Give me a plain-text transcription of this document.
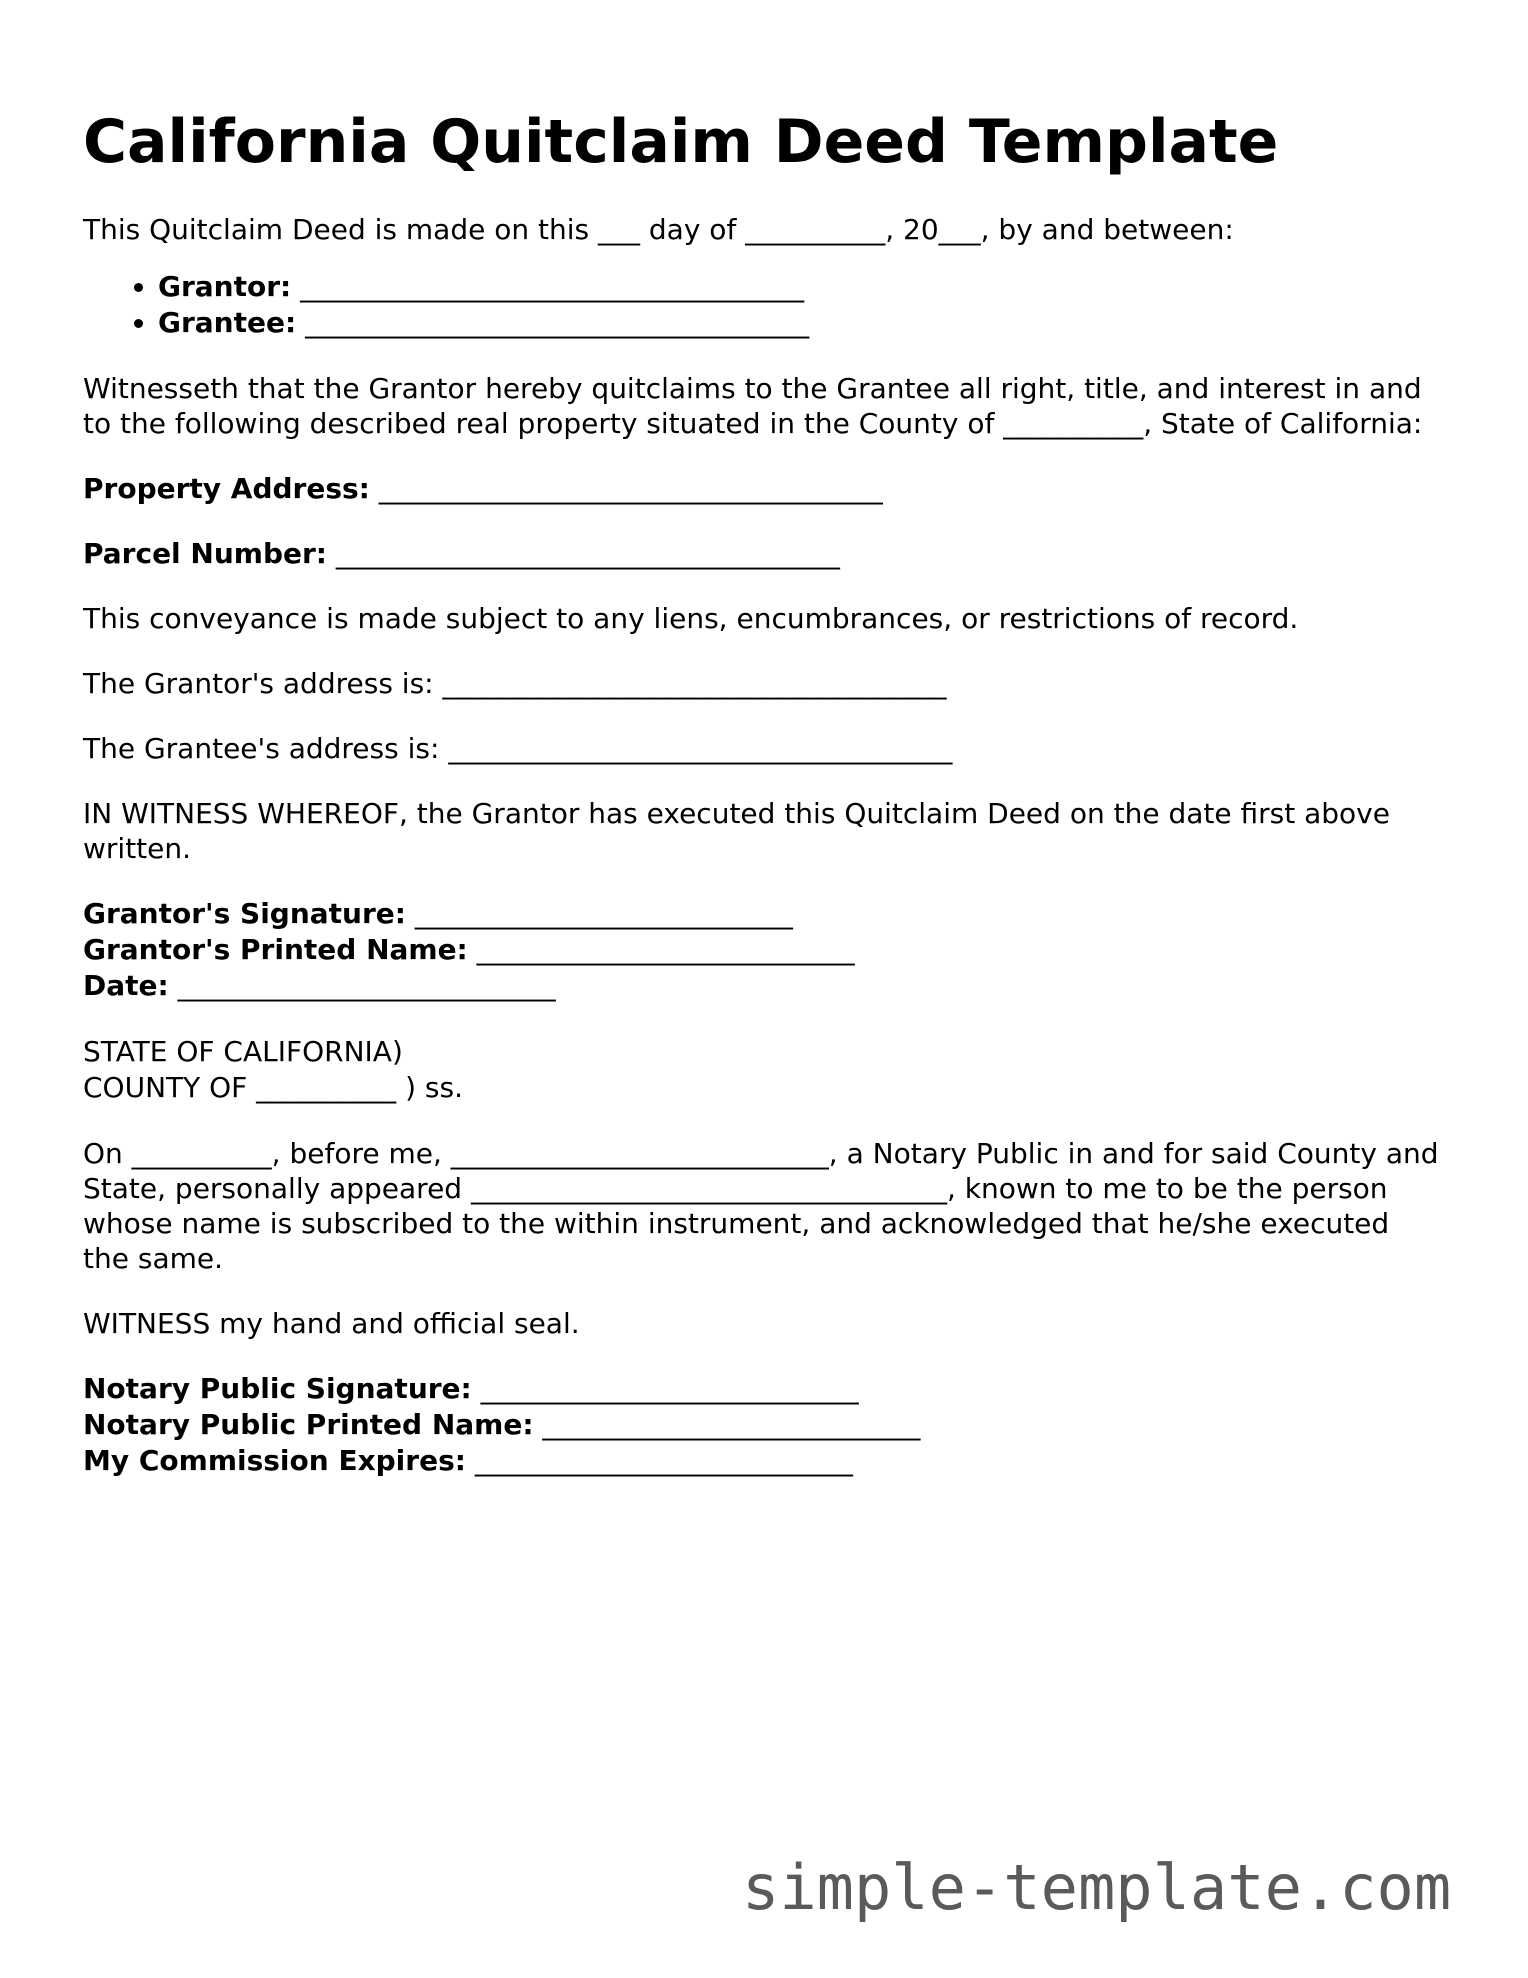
California Quitclaim Deed Template

This Quitclaim Deed is made on this ___ day of __________, 20___, by and between:

• Grantor: ____________________________________
• Grantee: ____________________________________

Witnesseth that the Grantor hereby quitclaims to the Grantee all right, title, and interest in and to the following described real property situated in the County of __________, State of California:

Property Address: ____________________________________

Parcel Number: ____________________________________

This conveyance is made subject to any liens, encumbrances, or restrictions of record.

The Grantor's address is: ____________________________________

The Grantee's address is: ____________________________________

IN WITNESS WHEREOF, the Grantor has executed this Quitclaim Deed on the date first above written.

Grantor's Signature: ___________________________

Grantor's Printed Name: ___________________________

Date: ___________________________

STATE OF CALIFORNIA)

COUNTY OF __________ ) ss.

On __________, before me, ___________________________, a Notary Public in and for said County and State, personally appeared __________________________________, known to me to be the person whose name is subscribed to the within instrument, and acknowledged that he/she executed the same.

WITNESS my hand and official seal.

Notary Public Signature: ___________________________

Notary Public Printed Name: ___________________________

My Commission Expires: ___________________________

simple-template.com
